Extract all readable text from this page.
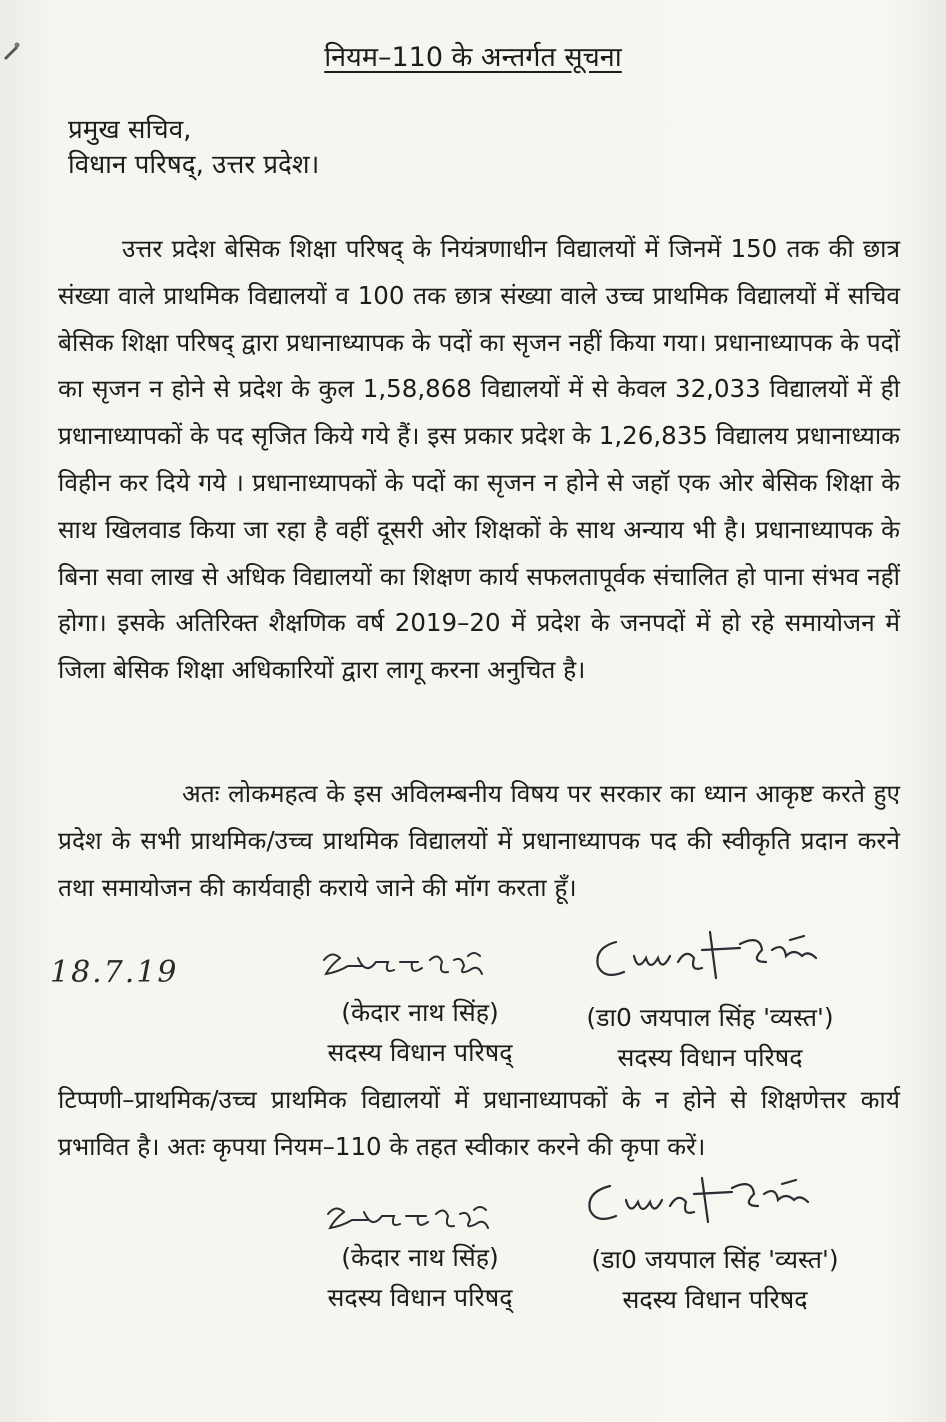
नियम–110 के अन्तर्गत सूचना
प्रमुख सचिव,
विधान परिषद्, उत्तर प्रदेश।
उत्तर प्रदेश बेसिक शिक्षा परिषद् के नियंत्रणाधीन विद्यालयों में जिनमें 150 तक की छात्र संख्या वाले प्राथमिक विद्यालयों व 100 तक छात्र संख्या वाले उच्च प्राथमिक विद्यालयों में सचिव बेसिक शिक्षा परिषद् द्वारा प्रधानाध्यापक के पदों का सृजन नहीं किया गया। प्रधानाध्यापक के पदों का सृजन न होने से प्रदेश के कुल 1,58,868 विद्यालयों में से केवल 32,033 विद्यालयों में ही प्रधानाध्यापकों के पद सृजित किये गये हैं। इस प्रकार प्रदेश के 1,26,835 विद्यालय प्रधानाध्याक विहीन कर दिये गये । प्रधानाध्यापकों के पदों का सृजन न होने से जहॉ एक ओर बेसिक शिक्षा के साथ खिलवाड किया जा रहा है वहीं दूसरी ओर शिक्षकों के साथ अन्याय भी है। प्रधानाध्यापक के बिना सवा लाख से अधिक विद्यालयों का शिक्षण कार्य सफलतापूर्वक संचालित हो पाना संभव नहीं होगा। इसके अतिरिक्त शैक्षणिक वर्ष 2019–20 में प्रदेश के जनपदों में हो रहे समायोजन में जिला बेसिक शिक्षा अधिकारियों द्वारा लागू करना अनुचित है।
अतः लोकमहत्व के इस अविलम्बनीय विषय पर सरकार का ध्यान आकृष्ट करते हुए प्रदेश के सभी प्राथमिक/उच्च प्राथमिक विद्यालयों में प्रधानाध्यापक पद की स्वीकृति प्रदान करने तथा समायोजन की कार्यवाही कराये जाने की मॉग करता हूँ।
18.7.19
(केदार नाथ सिंह)
सदस्य विधान परिषद्
(डा0 जयपाल सिंह 'व्यस्त')
सदस्य विधान परिषद
टिप्पणी–प्राथमिक/उच्च प्राथमिक विद्यालयों में प्रधानाध्यापकों के न होने से शिक्षणेत्तर कार्य प्रभावित है। अतः कृपया नियम–110 के तहत स्वीकार करने की कृपा करें।
(केदार नाथ सिंह)
सदस्य विधान परिषद्
(डा0 जयपाल सिंह 'व्यस्त')
सदस्य विधान परिषद
